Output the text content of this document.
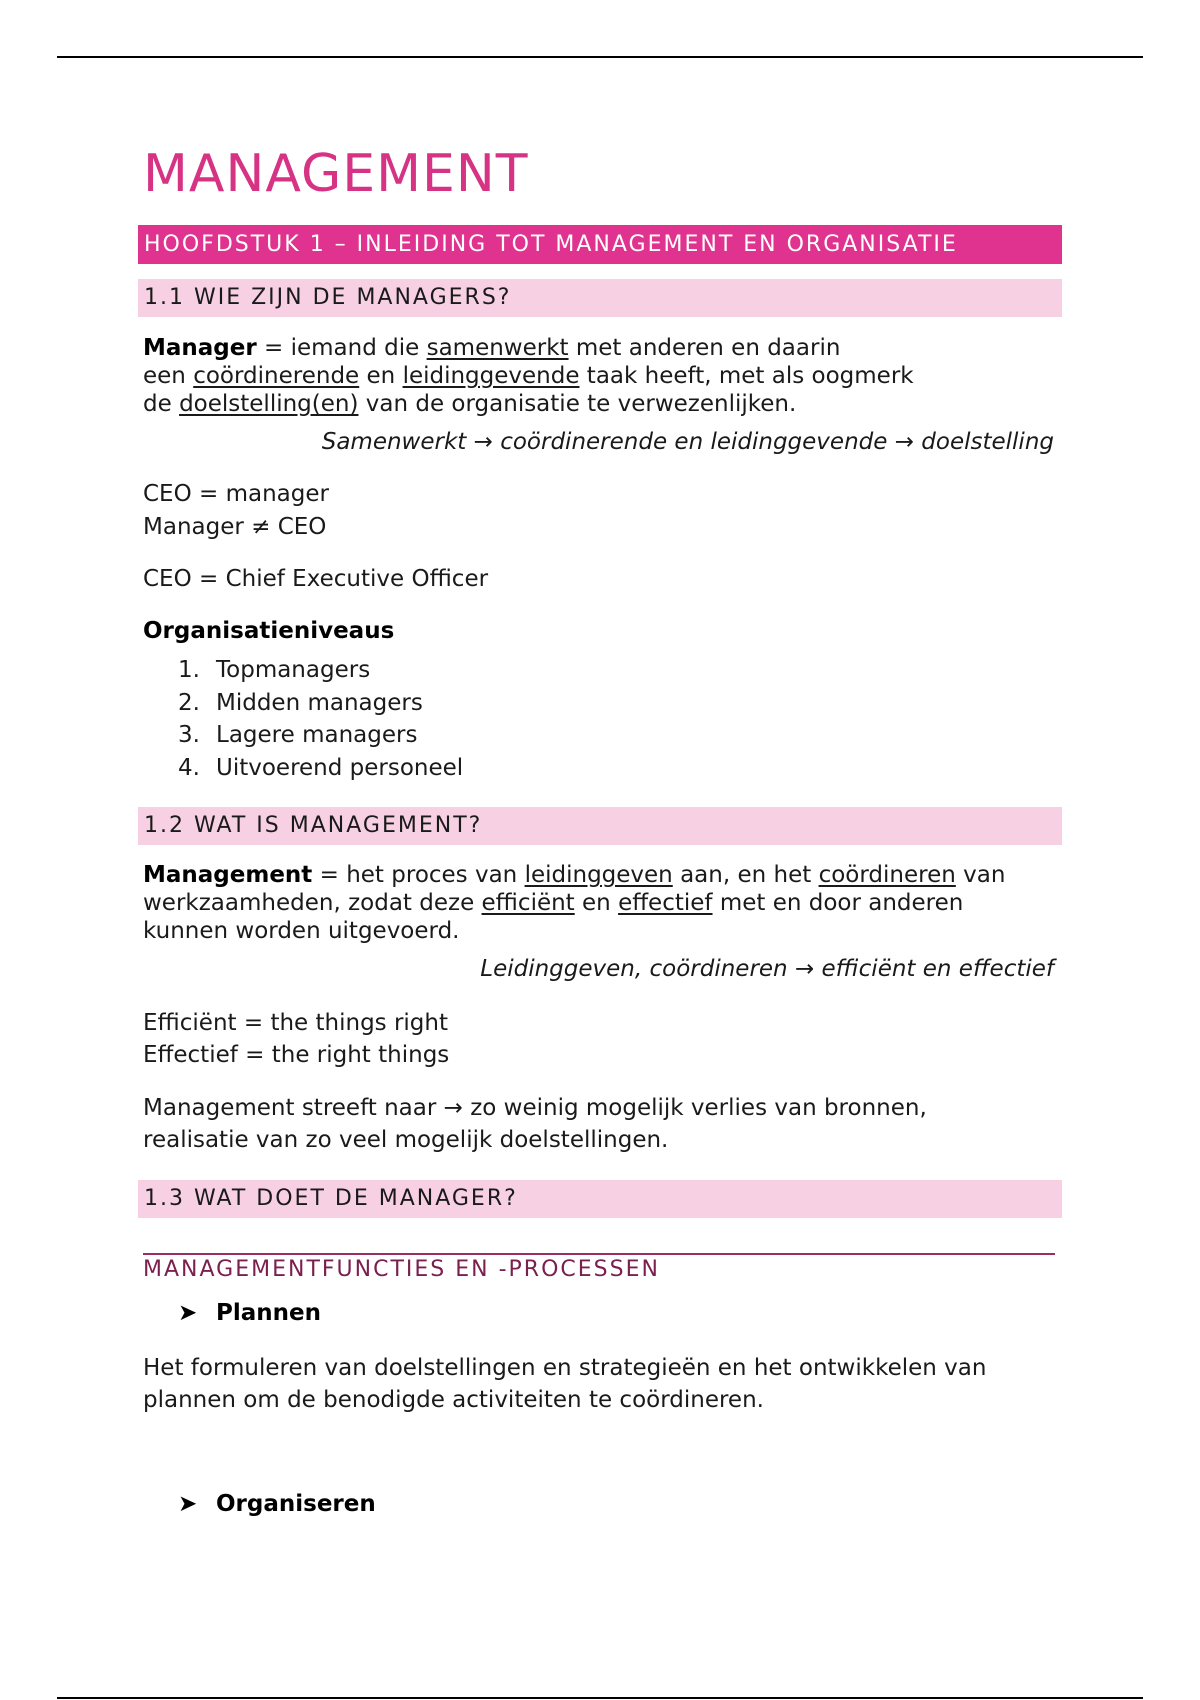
MANAGEMENT
HOOFDSTUK 1 – INLEIDING TOT MANAGEMENT EN ORGANISATIE
1.1 WIE ZIJN DE MANAGERS?
Manager = iemand die samenwerkt met anderen en daarin
een coördinerende en leidinggevende taak heeft, met als oogmerk
de doelstelling(en) van de organisatie te verwezenlijken.
Samenwerkt → coördinerende en leidinggevende → doelstelling
CEO = manager
Manager ≠ CEO
CEO = Chief Executive Officer
Organisatieniveaus
1. Topmanagers
2. Midden managers
3. Lagere managers
4. Uitvoerend personeel
1.2 WAT IS MANAGEMENT?
Management = het proces van leidinggeven aan, en het coördineren van
werkzaamheden, zodat deze efficiënt en effectief met en door anderen
kunnen worden uitgevoerd.
Leidinggeven, coördineren → efficiënt en effectief
Efficiënt = the things right
Effectief = the right things
Management streeft naar → zo weinig mogelijk verlies van bronnen,
realisatie van zo veel mogelijk doelstellingen.
1.3 WAT DOET DE MANAGER?
MANAGEMENTFUNCTIES EN -PROCESSEN
➤ Plannen
Het formuleren van doelstellingen en strategieën en het ontwikkelen van
plannen om de benodigde activiteiten te coördineren.
➤ Organiseren
